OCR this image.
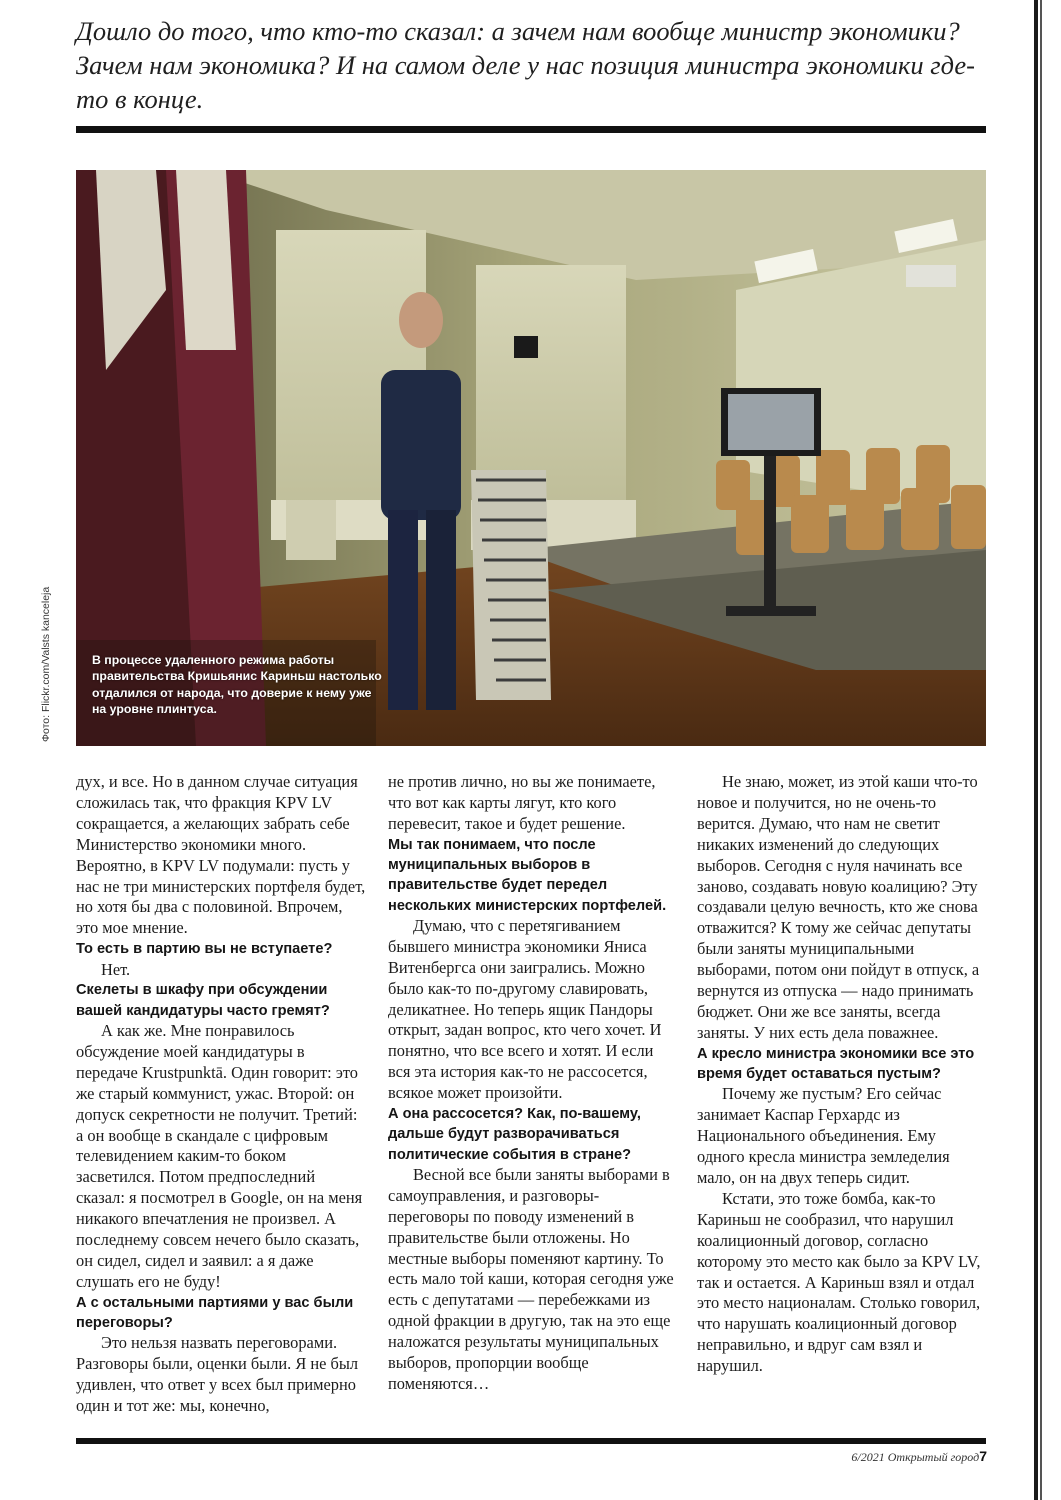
Дошло до того, что кто-то сказал: а зачем нам вообще министр экономики? Зачем нам экономика? И на самом деле у нас позиция министра экономики где-то в конце.
В процессе удаленного режима работы правительства Кришьянис Кариньш настолько отдалился от народа, что доверие к нему уже на уровне плинтуса.
Фото: Flickr.com/Valsts kanceleja

дух, и все. Но в данном случае ситуация сложилась так, что фракция KPV LV сокращается, а желающих забрать себе Министерство экономики много. Вероятно, в KPV LV подумали: пусть у нас не три министерских портфеля будет, но хотя бы два с половиной. Впрочем, это мое мнение.

То есть в партию вы не вступаете?

Нет.

Скелеты в шкафу при обсуждении вашей кандидатуры часто гремят?

А как же. Мне понравилось обсуждение моей кандидатуры в передаче Krustpunktā. Один говорит: это же старый коммунист, ужас. Второй: он допуск секретности не получит. Третий: а он вообще в скандале с цифровым телевидением каким-то боком засветился. Потом предпоследний сказал: я посмотрел в Google, он на меня никакого впечатления не произвел. А последнему совсем нечего было сказать, он сидел, сидел и заявил: а я даже слушать его не буду!

А с остальными партиями у вас были переговоры?

Это нельзя назвать переговорами. Разговоры были, оценки были. Я не был удивлен, что ответ у всех был примерно один и тот же: мы, конечно,

не против лично, но вы же понимаете, что вот как карты лягут, кто кого перевесит, такое и будет решение.

Мы так понимаем, что после муниципальных выборов в правительстве будет передел нескольких министерских портфелей.

Думаю, что с перетягиванием бывшего министра экономики Яниса Витенбергса они заигрались. Можно было как-то по-другому славировать, деликатнее. Но теперь ящик Пандоры открыт, задан вопрос, кто чего хочет. И понятно, что все всего и хотят. И если вся эта история как-то не рассосется, всякое может произойти.

А она рассосется? Как, по-вашему, дальше будут разворачиваться политические события в стране?

Весной все были заняты выборами в самоуправления, и разговоры-переговоры по поводу изменений в правительстве были отложены. Но местные выборы поменяют картину. То есть мало той каши, которая сегодня уже есть с депутатами — перебежками из одной фракции в другую, так на это еще наложатся результаты муниципальных выборов, пропорции вообще поменяются…

Не знаю, может, из этой каши что-то новое и получится, но не очень-то верится. Думаю, что нам не светит никаких изменений до следующих выборов. Сегодня с нуля начинать все заново, создавать новую коалицию? Эту создавали целую вечность, кто же снова отважится? К тому же сейчас депутаты были заняты муниципальными выборами, потом они пойдут в отпуск, а вернутся из отпуска — надо принимать бюджет. Они же все заняты, всегда заняты. У них есть дела поважнее.

А кресло министра экономики все это время будет оставаться пустым?

Почему же пустым? Его сейчас занимает Каспар Герхардс из Национального объединения. Ему одного кресла министра земледелия мало, он на двух теперь сидит.

Кстати, это тоже бомба, как-то Кариньш не сообразил, что нарушил коалиционный договор, согласно которому это место как было за KPV LV, так и остается. А Кариньш взял и отдал это место националам. Столько говорил, что нарушать коалиционный договор неправильно, и вдруг сам взял и нарушил.

6/2021 Открытый город7
